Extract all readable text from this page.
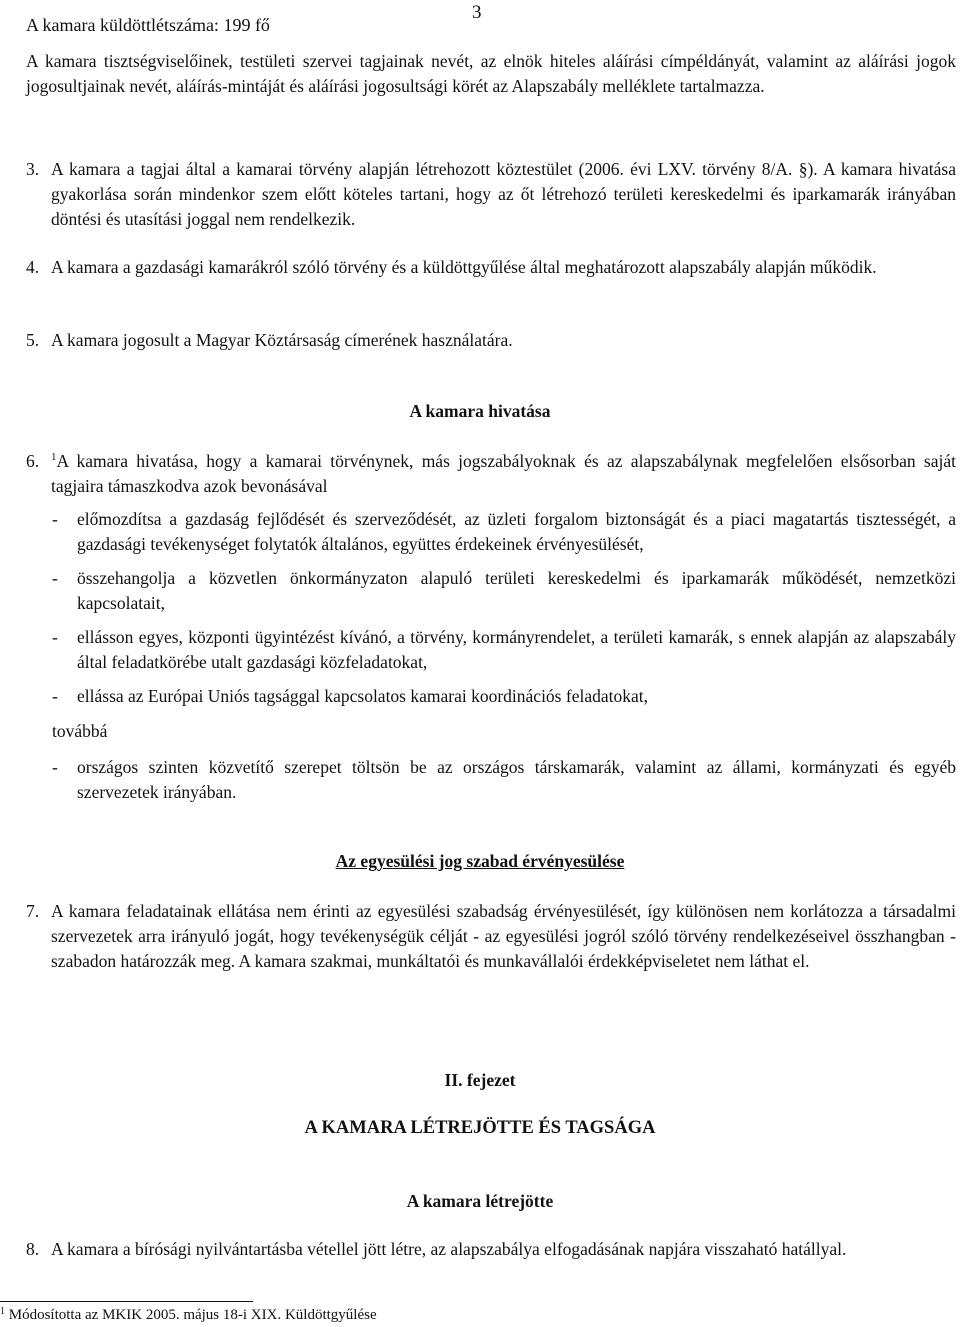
3
A kamara küldöttlétszáma: 199 fő
A kamara tisztségviselőinek, testületi szervei tagjainak nevét, az elnök hiteles aláírási címpéldányát, valamint az aláírási jogok jogosultjainak nevét, aláírás-mintáját és aláírási jogosultsági körét az Alapszabály melléklete tartalmazza.
3. A kamara a tagjai által a kamarai törvény alapján létrehozott köztestület (2006. évi LXV. törvény 8/A. §). A kamara hivatása gyakorlása során mindenkor szem előtt köteles tartani, hogy az őt létrehozó területi kereskedelmi és iparkamarák irányában döntési és utasítási joggal nem rendelkezik.
4. A kamara a gazdasági kamarákról szóló törvény és a küldöttgyűlése által meghatározott alapszabály alapján működik.
5. A kamara jogosult a Magyar Köztársaság címerének használatára.
A kamara hivatása
6. $^1$A kamara hivatása, hogy a kamarai törvénynek, más jogszabályoknak és az alapszabálynak megfelelően elsősorban saját tagjaira támaszkodva azok bevonásával
- előmozdítsa a gazdaság fejlődését és szerveződését, az üzleti forgalom biztonságát és a piaci magatartás tisztességét, a gazdasági tevékenységet folytatók általános, együttes érdekeinek érvényesülését,
- összehangolja a közvetlen önkormányzaton alapuló területi kereskedelmi és iparkamarák működését, nemzetközi kapcsolatait,
- ellásson egyes, központi ügyintézést kívánó, a törvény, kormányrendelet, a területi kamarák, s ennek alapján az alapszabály által feladatkörébe utalt gazdasági közfeladatokat,
- ellássa az Európai Uniós tagsággal kapcsolatos kamarai koordinációs feladatokat,
továbbá
- országos szinten közvetítő szerepet töltsön be az országos társkamarák, valamint az állami, kormányzati és egyéb szervezetek irányában.
Az egyesülési jog szabad érvényesülése
7. A kamara feladatainak ellátása nem érinti az egyesülési szabadság érvényesülését, így különösen nem korlátozza a társadalmi szervezetek arra irányuló jogát, hogy tevékenységük célját - az egyesülési jogról szóló törvény rendelkezéseivel összhangban - szabadon határozzák meg. A kamara szakmai, munkáltatói és munkavállalói érdekképviseletet nem láthat el.
II. fejezet
A KAMARA LÉTREJÖTTE ÉS TAGSÁGA
A kamara létrejötte
8. A kamara a bírósági nyilvántartásba vétellel jött létre, az alapszabálya elfogadásának napjára visszaható hatállyal.
$^1$ Módosította az MKIK 2005. május 18-i XIX. Küldöttgyűlése
